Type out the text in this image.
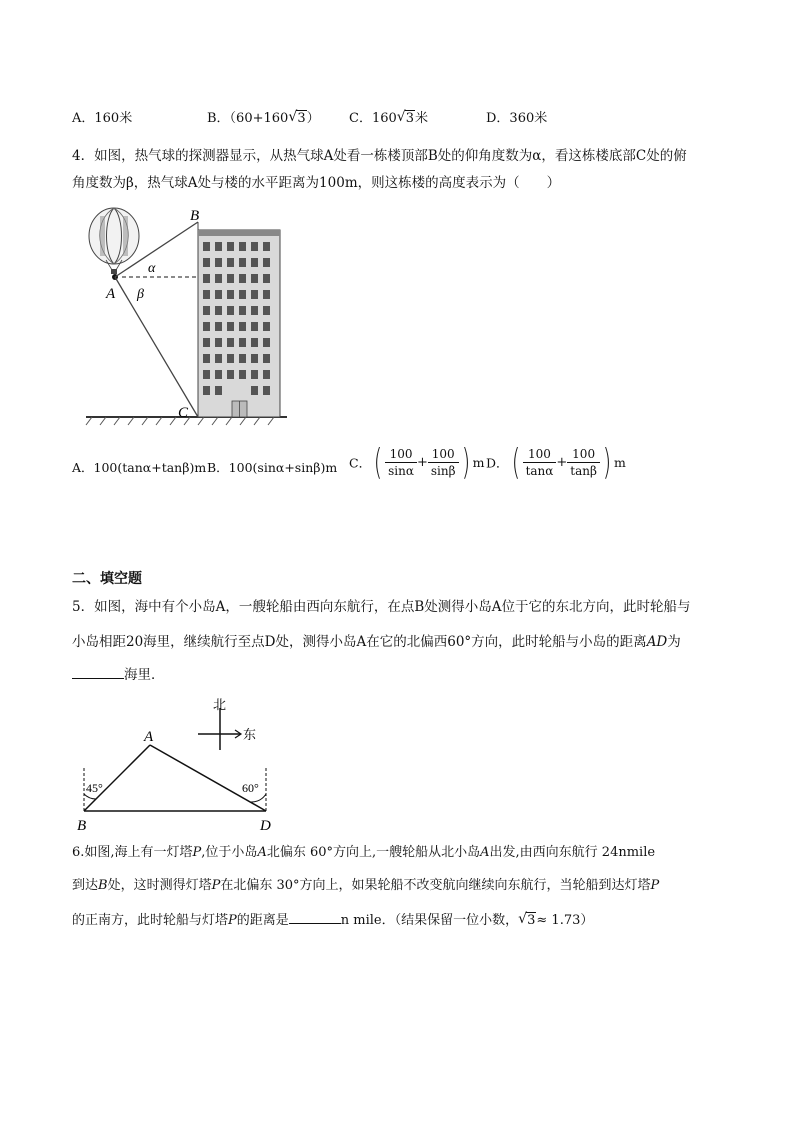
A．160米	B．（60+160 √ 3） C．160 √ 3米	D．360米
4．如图，热气球的探测器显示，从热气球A处看一栋楼顶部B处的仰角度数为α，看这栋楼底部C处的俯
角度数为β，热气球A处与楼的水平距离为100m，则这栋楼的高度表示为（　　）
B
A
C
α
β
A．100(tanα+tanβ)m B．100(sinα+sinβ)m C．( $\frac{100}{\sin\alpha} + \frac{100}{\sin\beta}$ ) m D．( $\frac{100}{\tan\alpha} + \frac{100}{\tan\beta}$ ) m
二、填空题
5．如图，海中有个小岛A，一艘轮船由西向东航行，在点B处测得小岛A位于它的东北方向，此时轮船与
小岛相距20海里，继续航行至点D处，测得小岛A在它的北偏西60°方向，此时轮船与小岛的距离AD为
海里．
北
东
45°	60°
A
B	D
6.如图,海上有一灯塔P,位于小岛A北偏东 60°方向上,一艘轮船从北小岛A出发,由西向东航行 24nmile
到达B处，这时测得灯塔P在北偏东 30°方向上，如果轮船不改变航向继续向东航行，当轮船到达灯塔P
的正南方，此时轮船与灯塔P的距离是	n mile．（结果保留一位小数， √ 3≈ 1.73）
